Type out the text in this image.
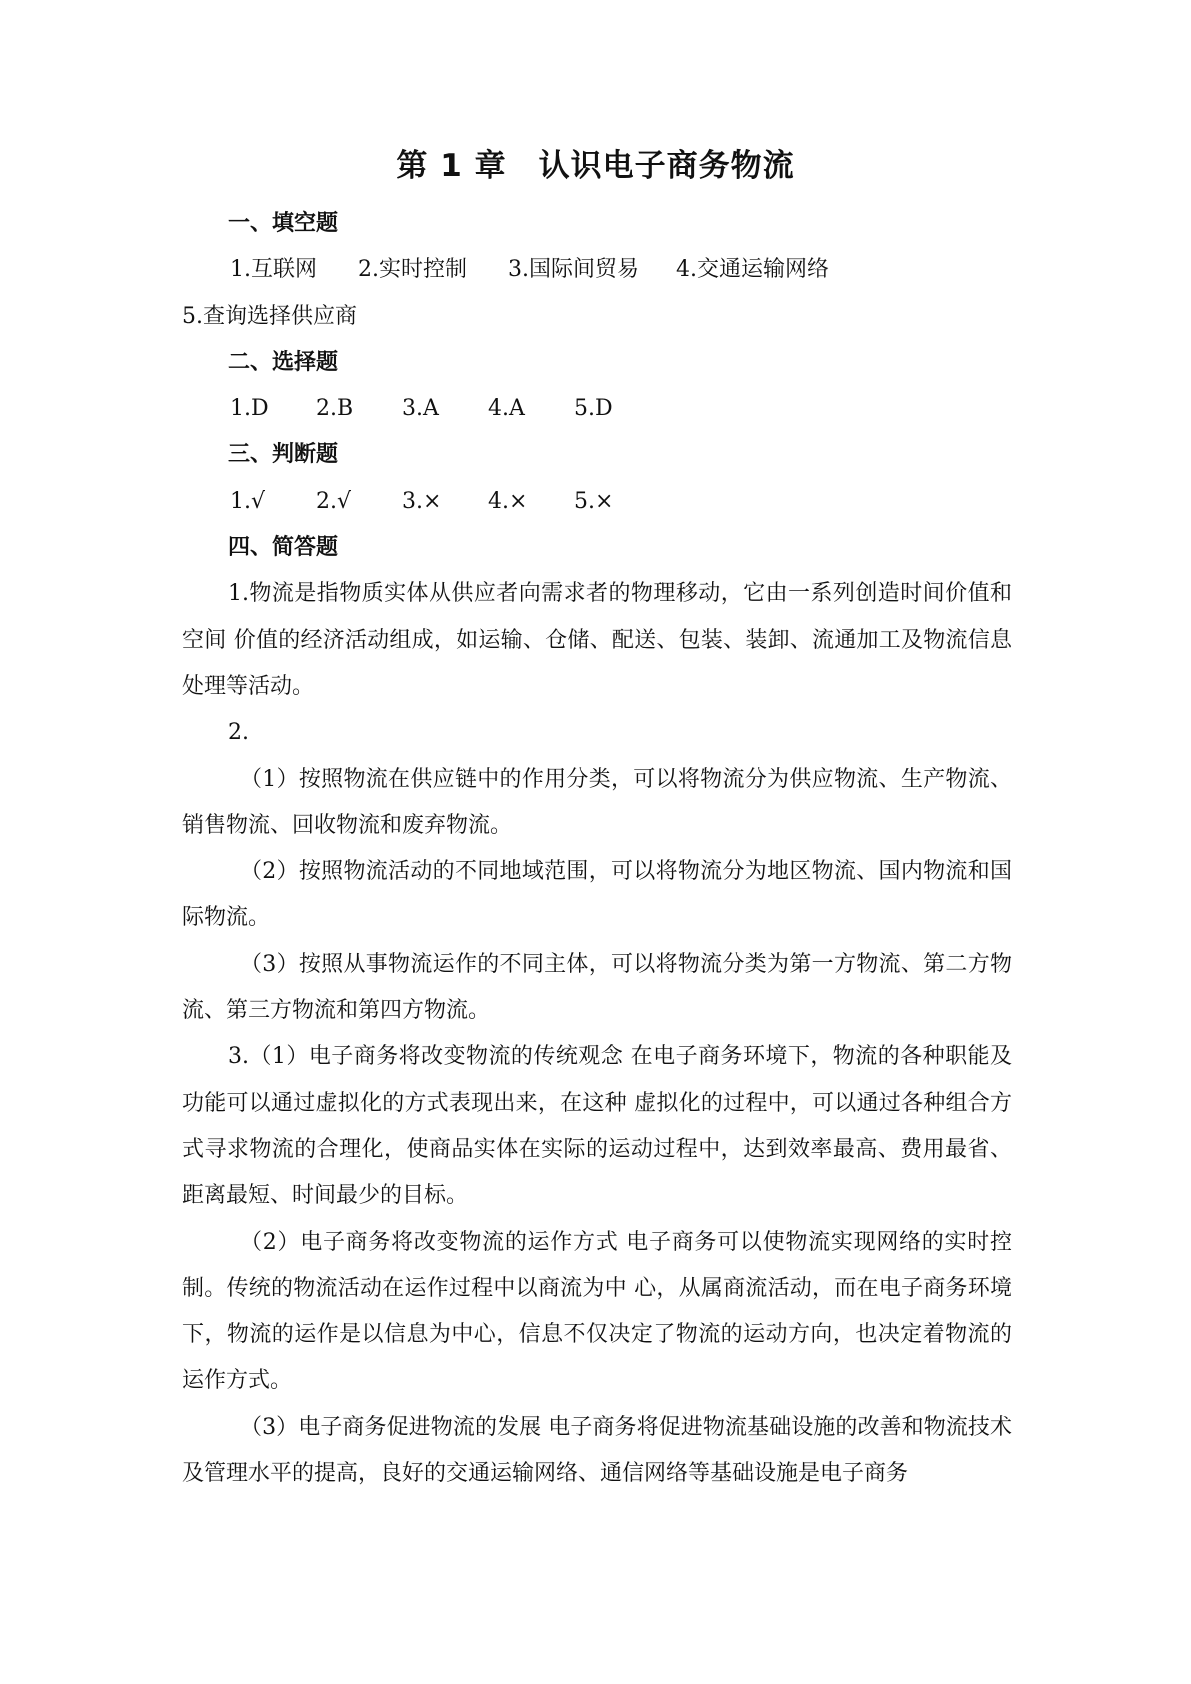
第 1 章　认识电子商务物流

一、填空题

1.互联网	2.实时控制	3.国际间贸易	4.交通运输网络

5.查询选择供应商

二、选择题

1.D	2.B	3.A	4.A	5.D

三、判断题

1.√	2.√	3.×	4.×	5.×

四、简答题

1.物流是指物质实体从供应者向需求者的物理移动，它由一系列创造时间价值和空间 价值的经济活动组成，如运输、仓储、配送、包装、装卸、流通加工及物流信息处理等活动。

2.

（1）按照物流在供应链中的作用分类，可以将物流分为供应物流、生产物流、销售物流、回收物流和废弃物流。

（2）按照物流活动的不同地域范围，可以将物流分为地区物流、国内物流和国际物流。

（3）按照从事物流运作的不同主体，可以将物流分类为第一方物流、第二方物流、第三方物流和第四方物流。

3.（1）电子商务将改变物流的传统观念 在电子商务环境下，物流的各种职能及功能可以通过虚拟化的方式表现出来，在这种 虚拟化的过程中，可以通过各种组合方式寻求物流的合理化，使商品实体在实际的运动过程中，达到效率最高、费用最省、距离最短、时间最少的目标。

（2）电子商务将改变物流的运作方式 电子商务可以使物流实现网络的实时控制。传统的物流活动在运作过程中以商流为中 心，从属商流活动，而在电子商务环境下，物流的运作是以信息为中心，信息不仅决定了物流的运动方向，也决定着物流的运作方式。

（3）电子商务促进物流的发展 电子商务将促进物流基础设施的改善和物流技术及管理水平的提高，良好的交通运输网络、通信网络等基础设施是电子商务
